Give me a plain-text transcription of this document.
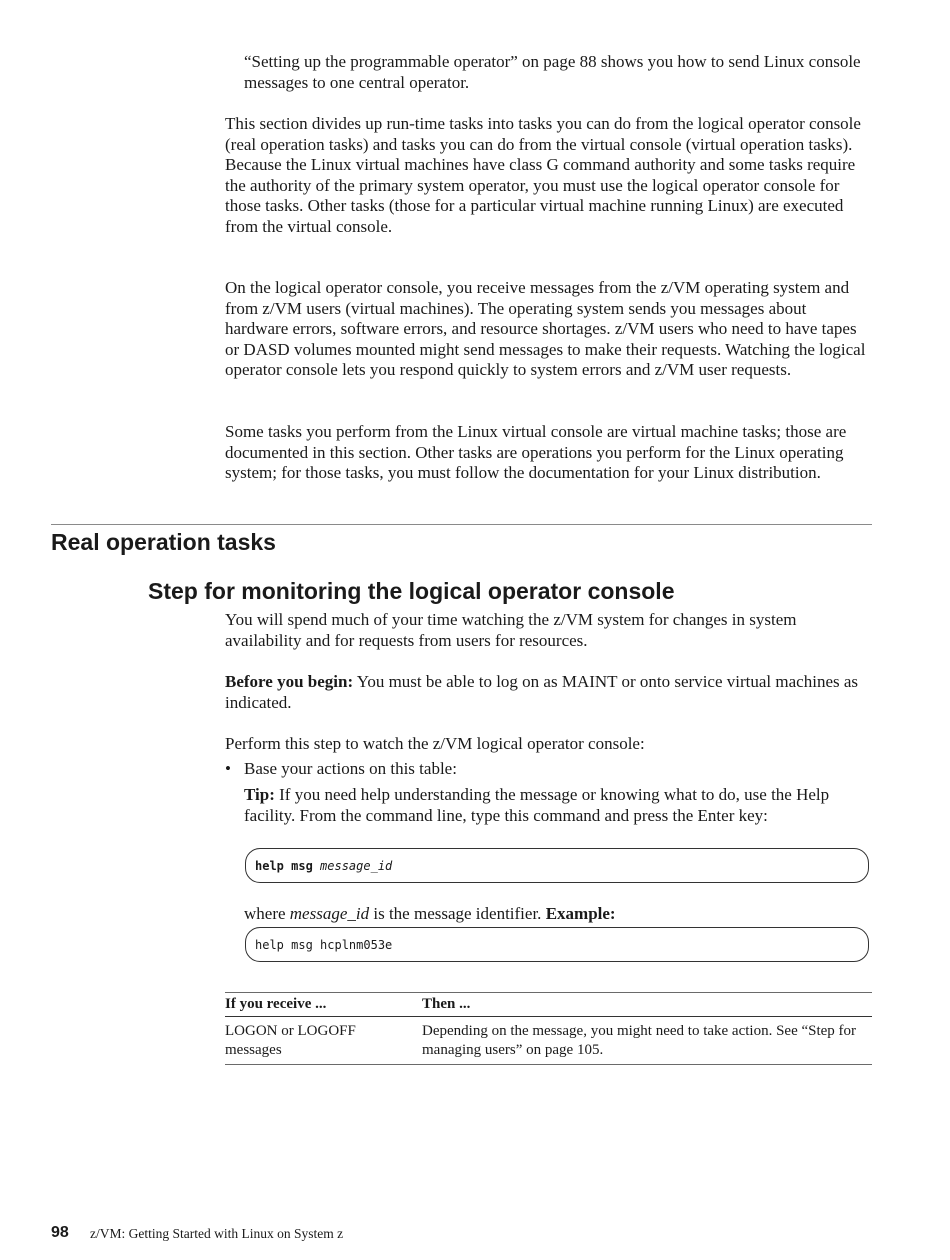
“Setting up the programmable operator” on page 88 shows you how to send Linux console messages to one central operator.

This section divides up run-time tasks into tasks you can do from the logical operator console (real operation tasks) and tasks you can do from the virtual console (virtual operation tasks). Because the Linux virtual machines have class G command authority and some tasks require the authority of the primary system operator, you must use the logical operator console for those tasks. Other tasks (those for a particular virtual machine running Linux) are executed from the virtual console.

On the logical operator console, you receive messages from the z/VM operating system and from z/VM users (virtual machines). The operating system sends you messages about hardware errors, software errors, and resource shortages. z/VM users who need to have tapes or DASD volumes mounted might send messages to make their requests. Watching the logical operator console lets you respond quickly to system errors and z/VM user requests.

Some tasks you perform from the Linux virtual console are virtual machine tasks; those are documented in this section. Other tasks are operations you perform for the Linux operating system; for those tasks, you must follow the documentation for your Linux distribution.

Real operation tasks
Step for monitoring the logical operator console

You will spend much of your time watching the z/VM system for changes in system availability and for requests from users for resources.

Before you begin: You must be able to log on as MAINT or onto service virtual machines as indicated.

Perform this step to watch the z/VM logical operator console:

• Base your actions on this table:

Tip: If you need help understanding the message or knowing what to do, use the Help facility. From the command line, type this command and press the Enter key:

help msg message_id

where message_id is the message identifier. Example:

help msg hcplnm053e
If you receive ...	Then ...

LOGON or LOGOFF messages

Depending on the message, you might need to take action. See “Step for managing users” on page 105.

98 z/VM: Getting Started with Linux on System z
